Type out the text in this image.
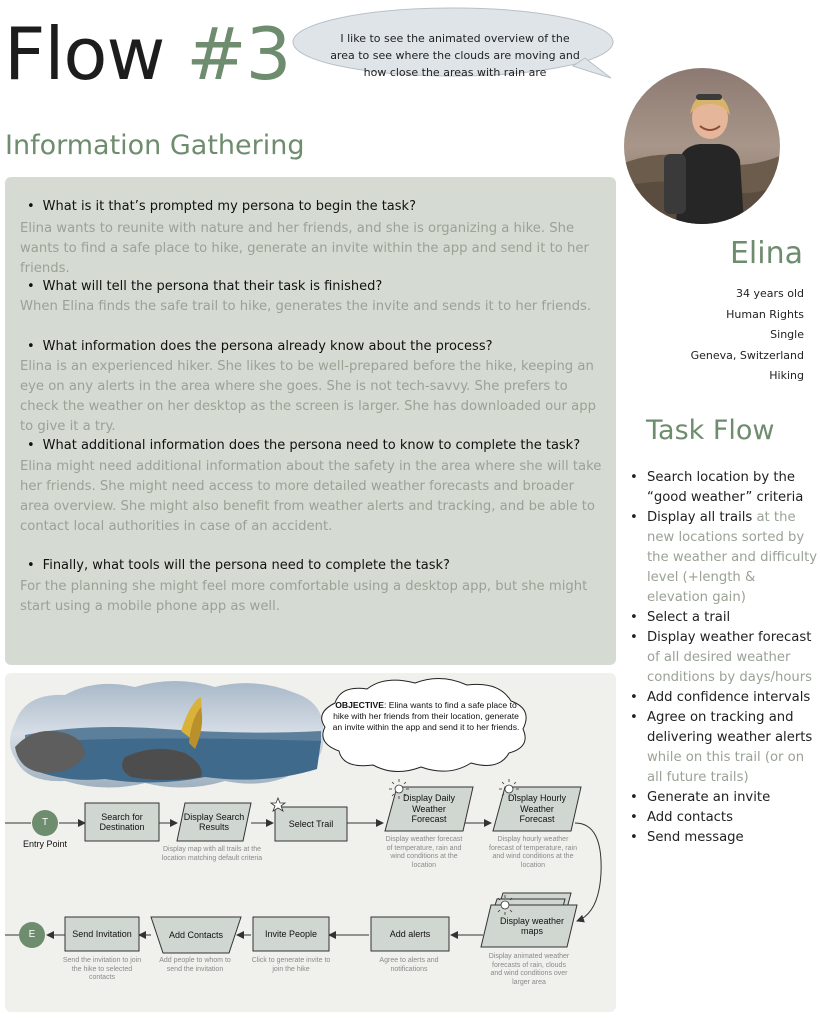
Flow #3	I like to see the animated overview of the area to see where the clouds are moving and how close the areas with rain are
Information Gathering
• What is it that’s prompted my persona to begin the task?
Elina wants to reunite with nature and her friends, and she is organizing a hike. She wants to find a safe place to hike, generate an invite within the app and send it to her friends.
• What will tell the persona that their task is finished?
When Elina finds the safe trail to hike, generates the invite and sends it to her friends.
• What information does the persona already know about the process?
Elina is an experienced hiker. She likes to be well-prepared before the hike, keeping an eye on any alerts in the area where she goes. She is not tech-savvy. She prefers to check the weather on her desktop as the screen is larger. She has downloaded our app to give it a try.
• What additional information does the persona need to know to complete the task?
Elina might need additional information about the safety in the area where she will take her friends. She might need access to more detailed weather forecasts and broader area overview. She might also benefit from weather alerts and tracking, and be able to contact local authorities in case of an accident.
• Finally, what tools will the persona need to complete the task?
For the planning she might feel more comfortable using a desktop app, but she might start using a mobile phone app as well.
Elina
34 years old
Human Rights
Single
Geneva, Switzerland
Hiking
Task Flow
• Search location by the “good weather” criteria
• Display all trails at the new locations sorted by the weather and difficulty level (+length & elevation gain)
• Select a trail
• Display weather forecast of all desired weather conditions by days/hours
• Add confidence intervals
• Agree on tracking and delivering weather alerts while on this trail (or on all future trails)
• Generate an invite
• Add contacts
• Send message
OBJECTIVE: Elina wants to find a safe place to hike with her friends from their location, generate an invite within the app and send it to her friends.
T
Entry Point
E
Search for Destination
Display Search Results	Select Trail
Display Daily Weather Forecast
Display Hourly Weather Forecast
Display weather maps
Add alerts
Invite People
Add Contacts
Send Invitation
Display map with all trails at the location matching default criteria
Display weather forecast of temperature, rain and wind conditions at the location
Display hourly weather forecast of temperature, rain and wind conditions at the location
Display animated weather forecasts of rain, clouds and wind conditions over larger area
Agree to alerts and notifications
Click to generate invite to join the hike
Add people to whom to send the invitation
Send the invitation to join the hike to selected contacts
